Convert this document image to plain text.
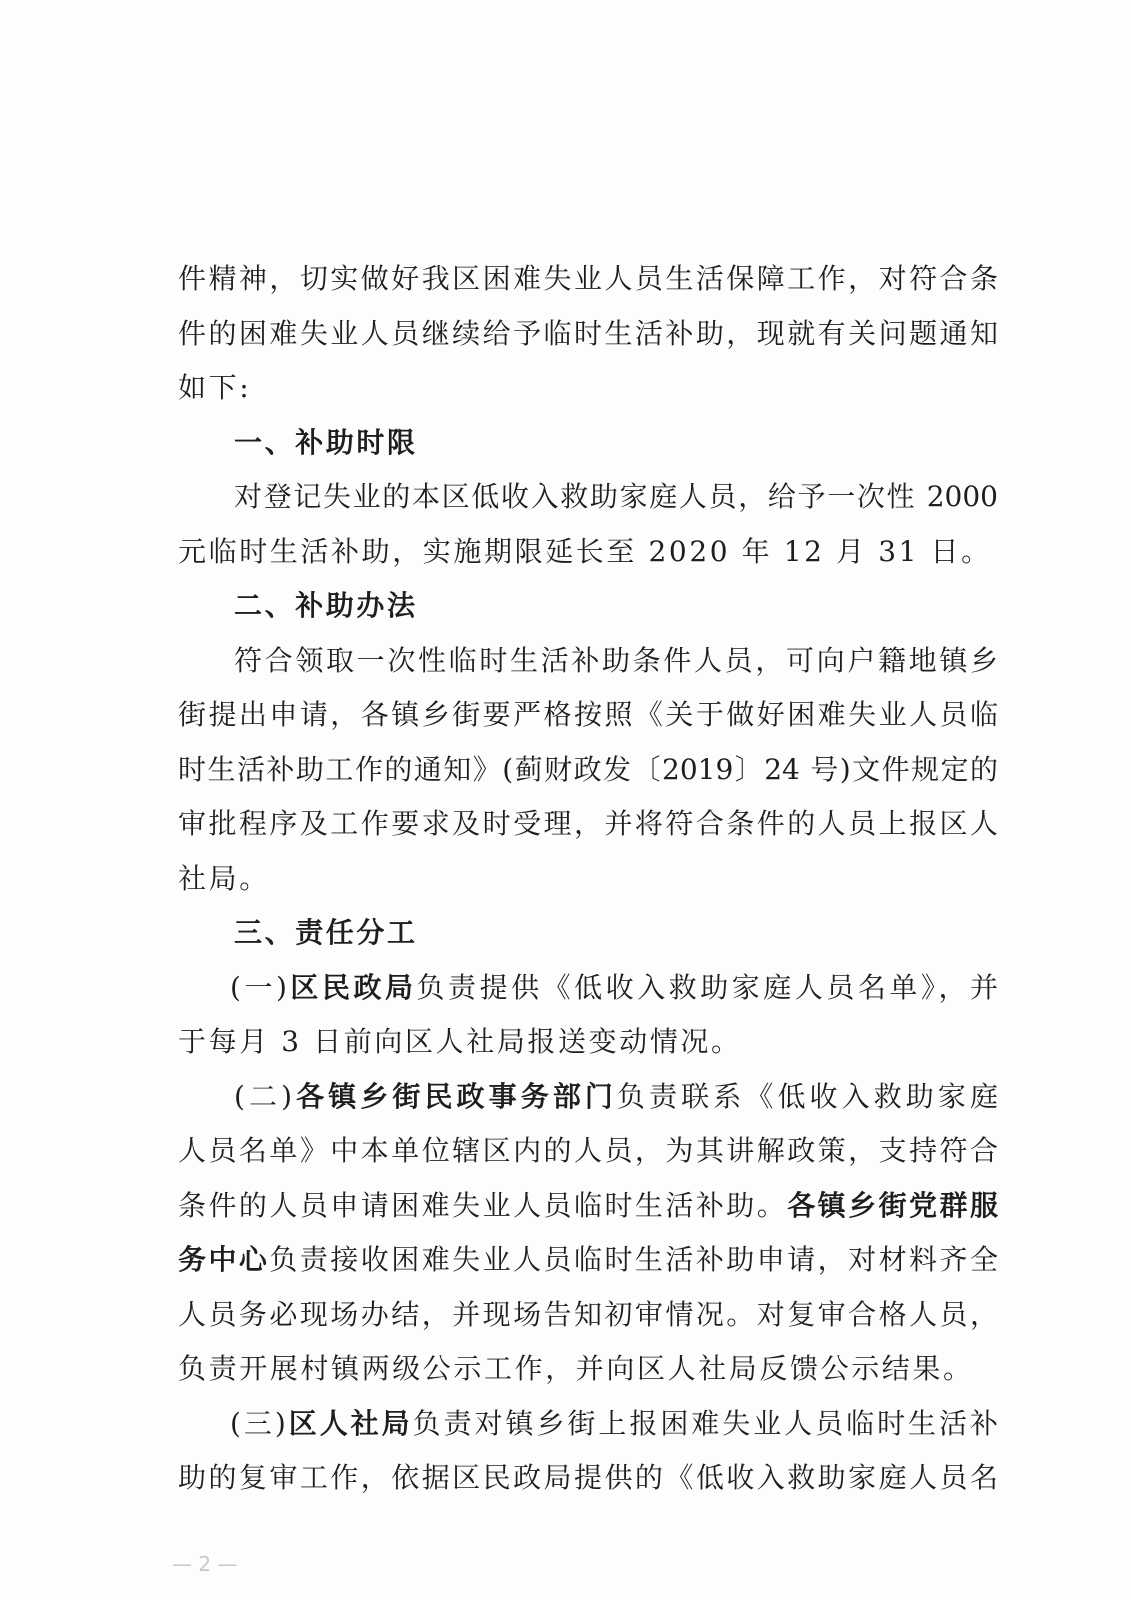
件精神，切实做好我区困难失业人员生活保障工作，对符合条
件的困难失业人员继续给予临时生活补助，现就有关问题通知
如下:
一、补助时限
对登记失业的本区低收入救助家庭人员，给予一次性 2000
元临时生活补助，实施期限延长至 2020 年 12 月 31 日。
二、补助办法
符合领取一次性临时生活补助条件人员，可向户籍地镇乡
街提出申请，各镇乡街要严格按照《关于做好困难失业人员临
时生活补助工作的通知》(蓟财政发〔2019〕24 号)文件规定的
审批程序及工作要求及时受理，并将符合条件的人员上报区人
社局。
三、责任分工
(一)区民政局负责提供《低收入救助家庭人员名单》，并
于每月 3 日前向区人社局报送变动情况。
(二)各镇乡街民政事务部门负责联系《低收入救助家庭
人员名单》中本单位辖区内的人员，为其讲解政策，支持符合
条件的人员申请困难失业人员临时生活补助。各镇乡街党群服
务中心负责接收困难失业人员临时生活补助申请，对材料齐全
人员务必现场办结，并现场告知初审情况。对复审合格人员，
负责开展村镇两级公示工作，并向区人社局反馈公示结果。
(三)区人社局负责对镇乡街上报困难失业人员临时生活补
助的复审工作，依据区民政局提供的《低收入救助家庭人员名
— 2 —
